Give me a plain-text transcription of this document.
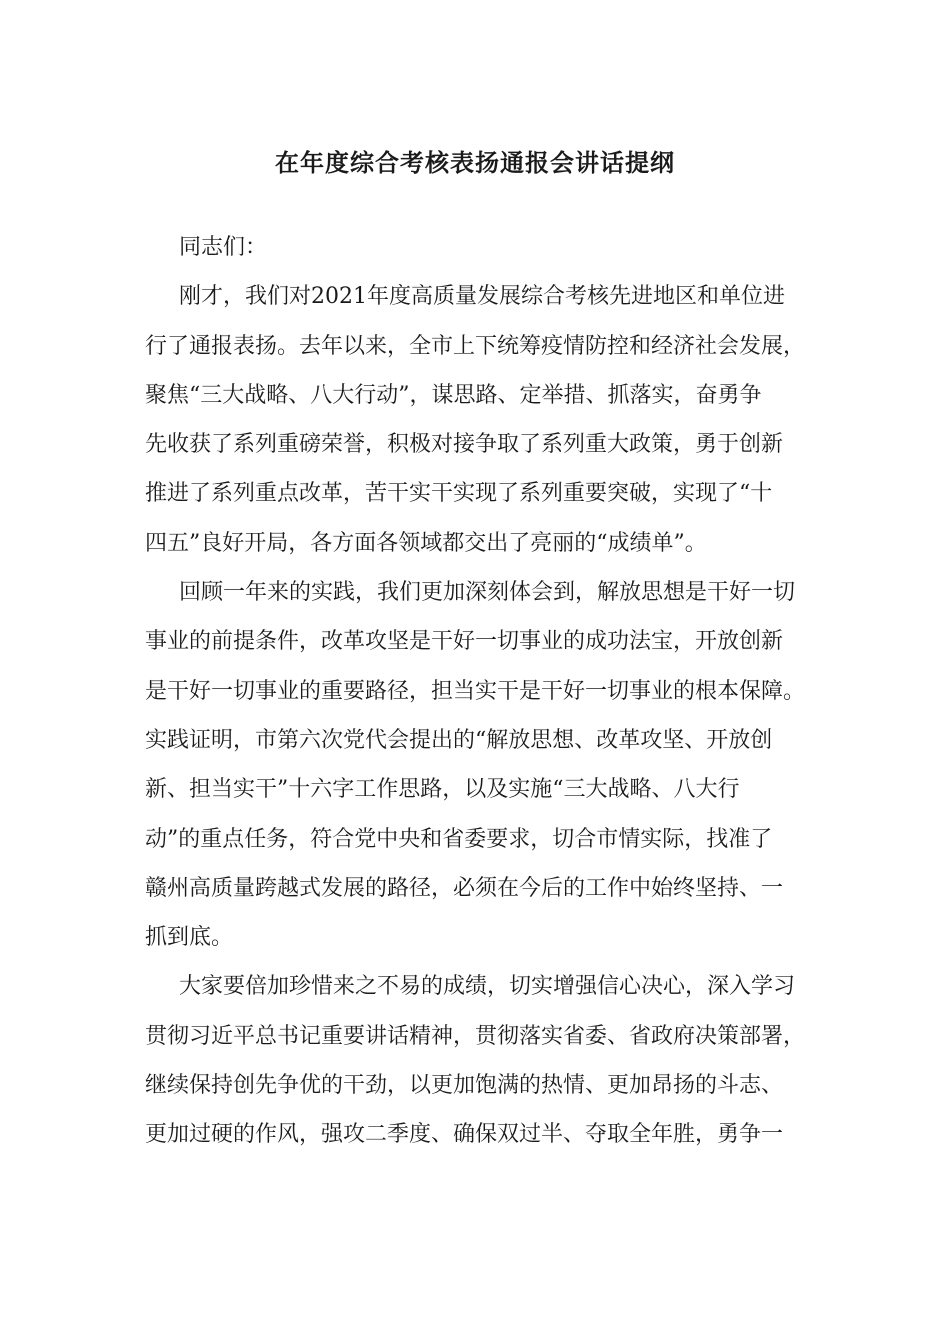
在年度综合考核表扬通报会讲话提纲
同志们：
刚才，我们对2021年度高质量发展综合考核先进地区和单位进
行了通报表扬。去年以来，全市上下统筹疫情防控和经济社会发展，
聚焦“三大战略、八大行动”，谋思路、定举措、抓落实，奋勇争
先收获了系列重磅荣誉，积极对接争取了系列重大政策，勇于创新
推进了系列重点改革，苦干实干实现了系列重要突破，实现了“十
四五”良好开局，各方面各领域都交出了亮丽的“成绩单”。
回顾一年来的实践，我们更加深刻体会到，解放思想是干好一切
事业的前提条件，改革攻坚是干好一切事业的成功法宝，开放创新
是干好一切事业的重要路径，担当实干是干好一切事业的根本保障。
实践证明，市第六次党代会提出的“解放思想、改革攻坚、开放创
新、担当实干”十六字工作思路，以及实施“三大战略、八大行
动”的重点任务，符合党中央和省委要求，切合市情实际，找准了
赣州高质量跨越式发展的路径，必须在今后的工作中始终坚持、一
抓到底。
大家要倍加珍惜来之不易的成绩，切实增强信心决心，深入学习
贯彻习近平总书记重要讲话精神，贯彻落实省委、省政府决策部署，
继续保持创先争优的干劲，以更加饱满的热情、更加昂扬的斗志、
更加过硬的作风，强攻二季度、确保双过半、夺取全年胜，勇争一
